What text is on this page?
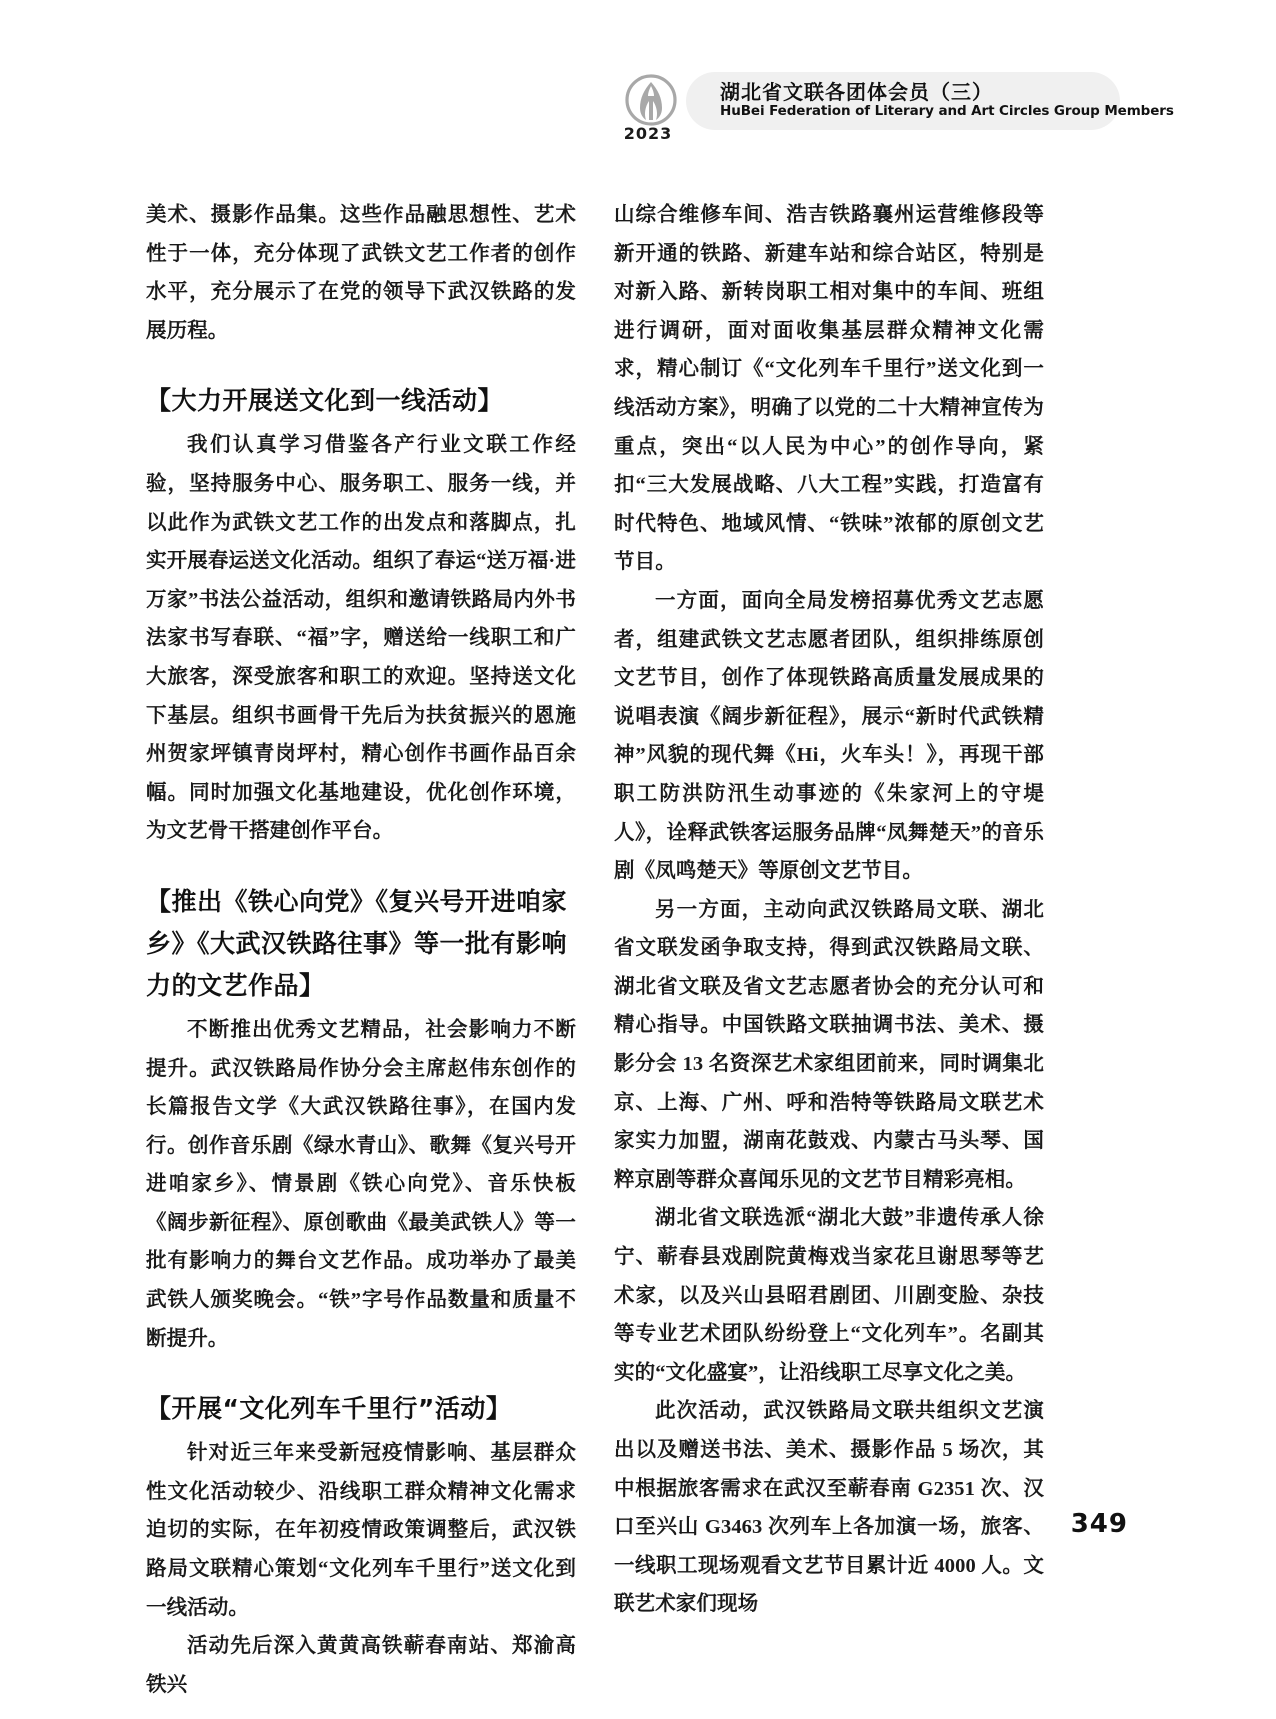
2023
湖北省文联各团体会员（三）
HuBei Federation of Literary and Art Circles Group Members

美术、摄影作品集。这些作品融思想性、艺术性于一体，充分体现了武铁文艺工作者的创作水平，充分展示了在党的领导下武汉铁路的发展历程。

【大力开展送文化到一线活动】

我们认真学习借鉴各产行业文联工作经验，坚持服务中心、服务职工、服务一线，并以此作为武铁文艺工作的出发点和落脚点，扎实开展春运送文化活动。组织了春运“送万福·进万家”书法公益活动，组织和邀请铁路局内外书法家书写春联、“福”字，赠送给一线职工和广大旅客，深受旅客和职工的欢迎。坚持送文化下基层。组织书画骨干先后为扶贫振兴的恩施州贺家坪镇青岗坪村，精心创作书画作品百余幅。同时加强文化基地建设，优化创作环境，为文艺骨干搭建创作平台。

【推出《铁心向党》《复兴号开进咱家乡》《大武汉铁路往事》等一批有影响力的文艺作品】

不断推出优秀文艺精品，社会影响力不断提升。武汉铁路局作协分会主席赵伟东创作的长篇报告文学《大武汉铁路往事》，在国内发行。创作音乐剧《绿水青山》、歌舞《复兴号开进咱家乡》、情景剧《铁心向党》、音乐快板《阔步新征程》、原创歌曲《最美武铁人》等一批有影响力的舞台文艺作品。成功举办了最美武铁人颁奖晚会。“铁”字号作品数量和质量不断提升。

【开展“文化列车千里行”活动】

针对近三年来受新冠疫情影响、基层群众性文化活动较少、沿线职工群众精神文化需求迫切的实际，在年初疫情政策调整后，武汉铁路局文联精心策划“文化列车千里行”送文化到一线活动。

活动先后深入黄黄高铁蕲春南站、郑渝高铁兴

山综合维修车间、浩吉铁路襄州运营维修段等新开通的铁路、新建车站和综合站区，特别是对新入路、新转岗职工相对集中的车间、班组进行调研，面对面收集基层群众精神文化需求，精心制订《“文化列车千里行”送文化到一线活动方案》，明确了以党的二十大精神宣传为重点，突出“以人民为中心”的创作导向，紧扣“三大发展战略、八大工程”实践，打造富有时代特色、地域风情、“铁味”浓郁的原创文艺节目。

一方面，面向全局发榜招募优秀文艺志愿者，组建武铁文艺志愿者团队，组织排练原创文艺节目，创作了体现铁路高质量发展成果的说唱表演《阔步新征程》，展示“新时代武铁精神”风貌的现代舞《Hi，火车头！》，再现干部职工防洪防汛生动事迹的《朱家河上的守堤人》，诠释武铁客运服务品牌“凤舞楚天”的音乐剧《凤鸣楚天》等原创文艺节目。

另一方面，主动向武汉铁路局文联、湖北省文联发函争取支持，得到武汉铁路局文联、湖北省文联及省文艺志愿者协会的充分认可和精心指导。中国铁路文联抽调书法、美术、摄影分会 13 名资深艺术家组团前来，同时调集北京、上海、广州、呼和浩特等铁路局文联艺术家实力加盟，湖南花鼓戏、内蒙古马头琴、国粹京剧等群众喜闻乐见的文艺节目精彩亮相。

湖北省文联选派“湖北大鼓”非遗传承人徐宁、蕲春县戏剧院黄梅戏当家花旦谢思琴等艺术家，以及兴山县昭君剧团、川剧变脸、杂技等专业艺术团队纷纷登上“文化列车”。名副其实的“文化盛宴”，让沿线职工尽享文化之美。

此次活动，武汉铁路局文联共组织文艺演出以及赠送书法、美术、摄影作品 5 场次，其中根据旅客需求在武汉至蕲春南 G2351 次、汉口至兴山 G3463 次列车上各加演一场，旅客、一线职工现场观看文艺节目累计近 4000 人。文联艺术家们现场

349
